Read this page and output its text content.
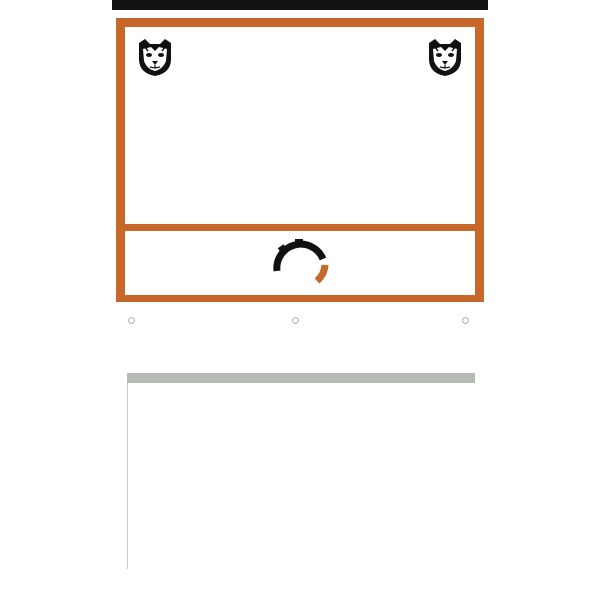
◯	◯	◯
